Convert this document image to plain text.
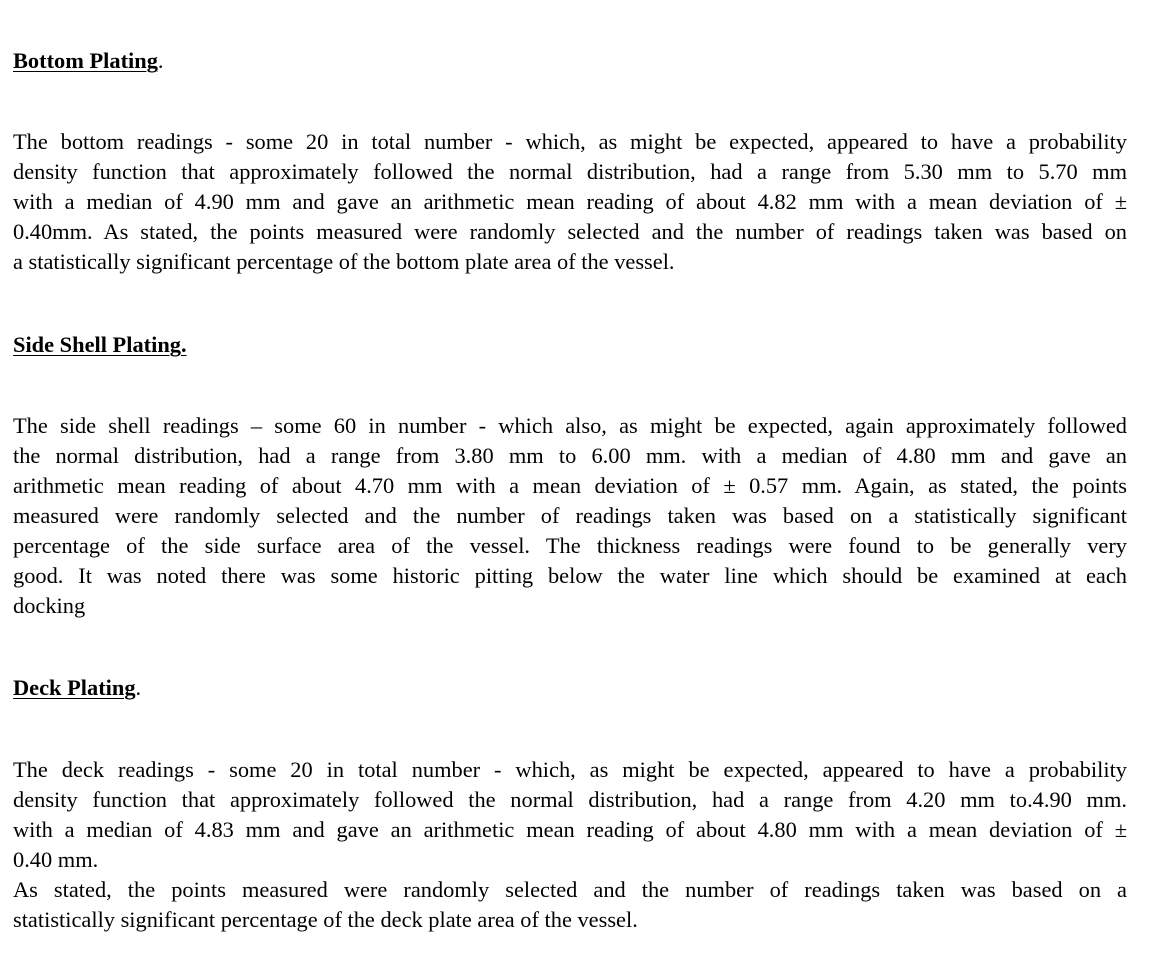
Bottom Plating.
The bottom readings - some 20 in total number - which, as might be expected, appeared to have a probability
density function that approximately followed the normal distribution, had a range from 5.30 mm to 5.70 mm
with a median of 4.90 mm and gave an arithmetic mean reading of about 4.82 mm with a mean deviation of ±
0.40mm. As stated, the points measured were randomly selected and the number of readings taken was based on
a statistically significant percentage of the bottom plate area of the vessel.
Side Shell Plating.
The side shell readings – some 60 in number - which also, as might be expected, again approximately followed
the normal distribution, had a range from 3.80 mm to 6.00 mm. with a median of 4.80 mm and gave an
arithmetic mean reading of about 4.70 mm with a mean deviation of ± 0.57 mm. Again, as stated, the points
measured were randomly selected and the number of readings taken was based on a statistically significant
percentage of the side surface area of the vessel. The thickness readings were found to be generally very
good. It was noted there was some historic pitting below the water line which should be examined at each
docking
Deck Plating.
The deck readings - some 20 in total number - which, as might be expected, appeared to have a probability
density function that approximately followed the normal distribution, had a range from 4.20 mm to.4.90 mm.
with a median of 4.83 mm and gave an arithmetic mean reading of about 4.80 mm with a mean deviation of ±
0.40 mm.
As stated, the points measured were randomly selected and the number of readings taken was based on a
statistically significant percentage of the deck plate area of the vessel.
